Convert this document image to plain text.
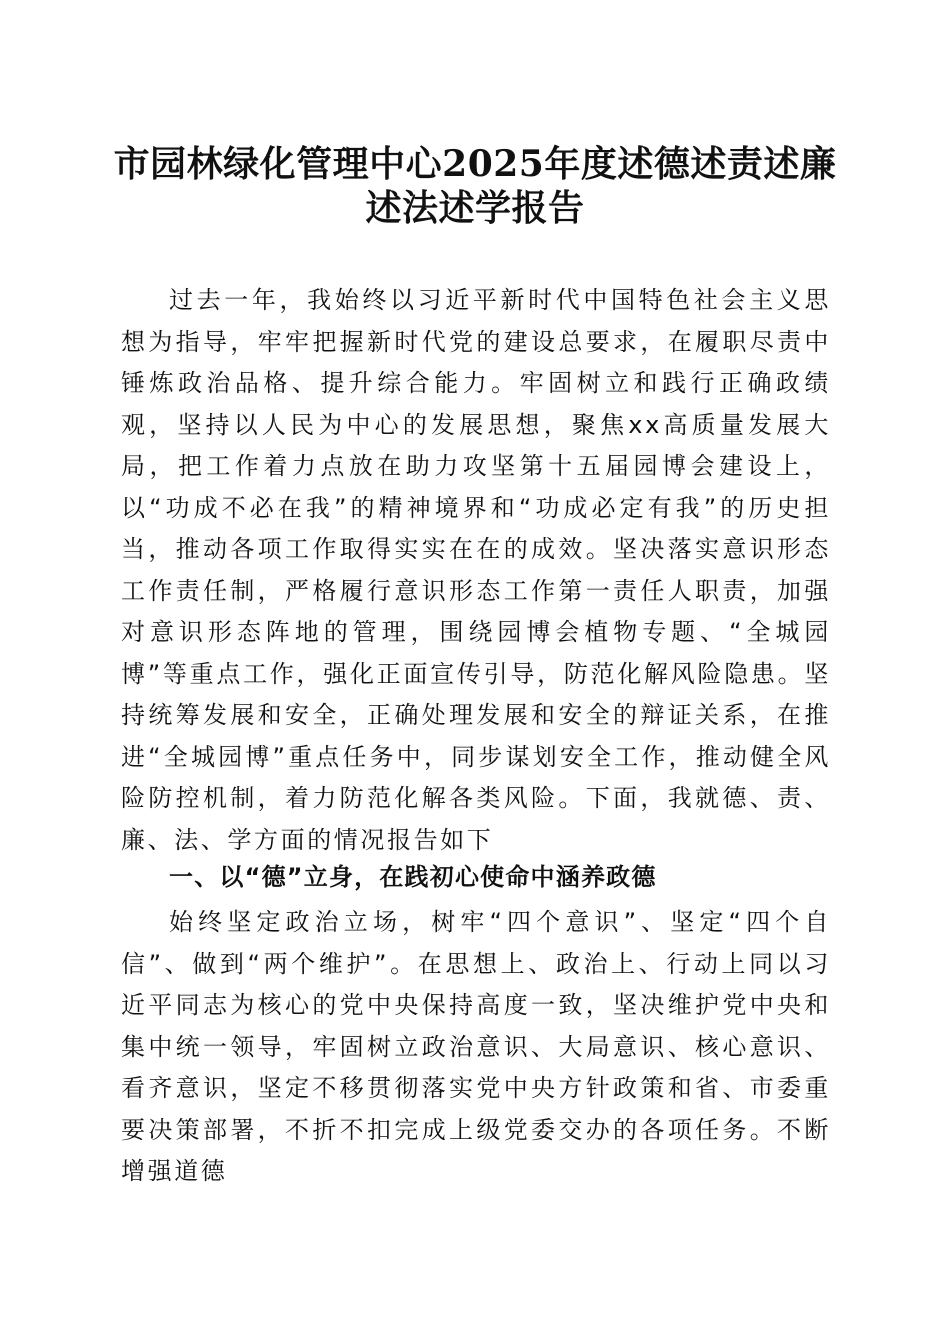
市园林绿化管理中心2025年度述德述责述廉
述法述学报告

过去一年，我始终以习近平新时代中国特色社会主义思想为指导，牢牢把握新时代党的建设总要求，在履职尽责中锤炼政治品格、提升综合能力。牢固树立和践行正确政绩观，坚持以人民为中心的发展思想，聚焦xx高质量发展大局，把工作着力点放在助力攻坚第十五届园博会建设上，以“功成不必在我”的精神境界和“功成必定有我”的历史担当，推动各项工作取得实实在在的成效。坚决落实意识形态工作责任制，严格履行意识形态工作第一责任人职责，加强对意识形态阵地的管理，围绕园博会植物专题、“全城园博”等重点工作，强化正面宣传引导，防范化解风险隐患。坚持统筹发展和安全，正确处理发展和安全的辩证关系，在推进“全城园博”重点任务中，同步谋划安全工作，推动健全风险防控机制，着力防范化解各类风险。下面，我就德、责、廉、法、学方面的情况报告如下

一、以“德”立身，在践初心使命中涵养政德

始终坚定政治立场，树牢“四个意识”、坚定“四个自信”、做到“两个维护”。在思想上、政治上、行动上同以习近平同志为核心的党中央保持高度一致，坚决维护党中央和集中统一领导，牢固树立政治意识、大局意识、核心意识、看齐意识，坚定不移贯彻落实党中央方针政策和省、市委重要决策部署，不折不扣完成上级党委交办的各项任务。不断增强道德
